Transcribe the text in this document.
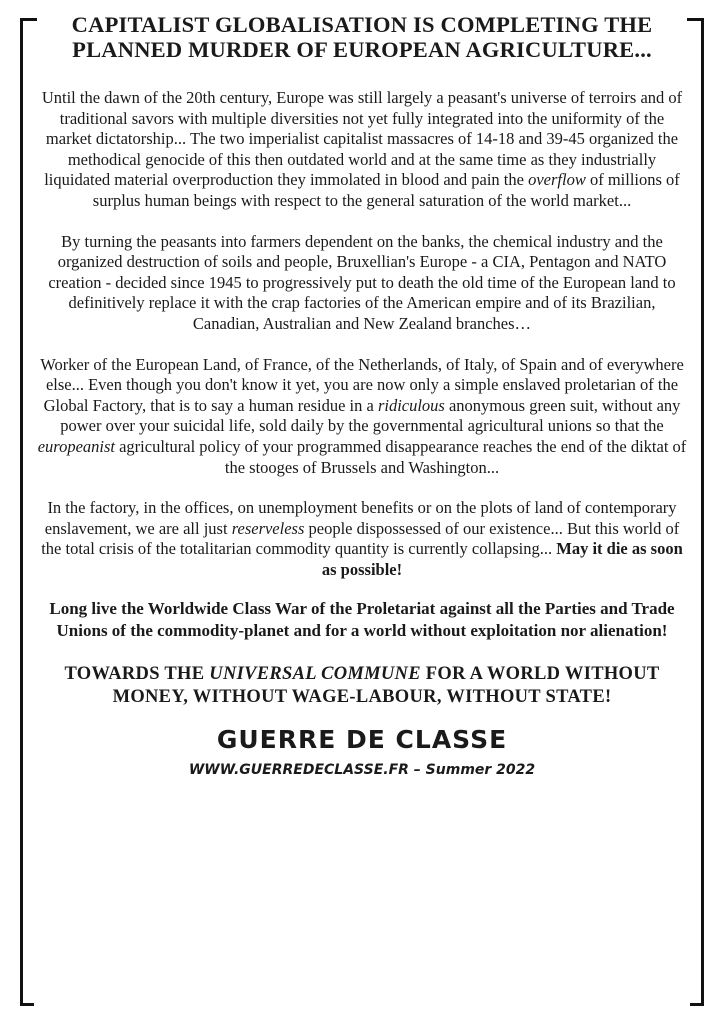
CAPITALIST GLOBALISATION IS COMPLETING THE PLANNED MURDER OF EUROPEAN AGRICULTURE...

Until the dawn of the 20th century, Europe was still largely a peasant's universe of terroirs and of traditional savors with multiple diversities not yet fully integrated into the uniformity of the market dictatorship... The two imperialist capitalist massacres of 14-18 and 39-45 organized the methodical genocide of this then outdated world and at the same time as they industrially liquidated material overproduction they immolated in blood and pain the overflow of millions of surplus human beings with respect to the general saturation of the world market...

By turning the peasants into farmers dependent on the banks, the chemical industry and the organized destruction of soils and people, Bruxellian's Europe - a CIA, Pentagon and NATO creation - decided since 1945 to progressively put to death the old time of the European land to definitively replace it with the crap factories of the American empire and of its Brazilian, Canadian, Australian and New Zealand branches…

Worker of the European Land, of France, of the Netherlands, of Italy, of Spain and of everywhere else... Even though you don't know it yet, you are now only a simple enslaved proletarian of the Global Factory, that is to say a human residue in a ridiculous anonymous green suit, without any power over your suicidal life, sold daily by the governmental agricultural unions so that the europeanist agricultural policy of your programmed disappearance reaches the end of the diktat of the stooges of Brussels and Washington...

In the factory, in the offices, on unemployment benefits or on the plots of land of contemporary enslavement, we are all just reserveless people dispossessed of our existence... But this world of the total crisis of the totalitarian commodity quantity is currently collapsing... May it die as soon as possible!

Long live the Worldwide Class War of the Proletariat against all the Parties and Trade Unions of the commodity-planet and for a world without exploitation nor alienation!

TOWARDS THE UNIVERSAL COMMUNE FOR A WORLD WITHOUT MONEY, WITHOUT WAGE-LABOUR, WITHOUT STATE!
GUERRE DE CLASSE
WWW.GUERREDECLASSE.FR – Summer 2022
